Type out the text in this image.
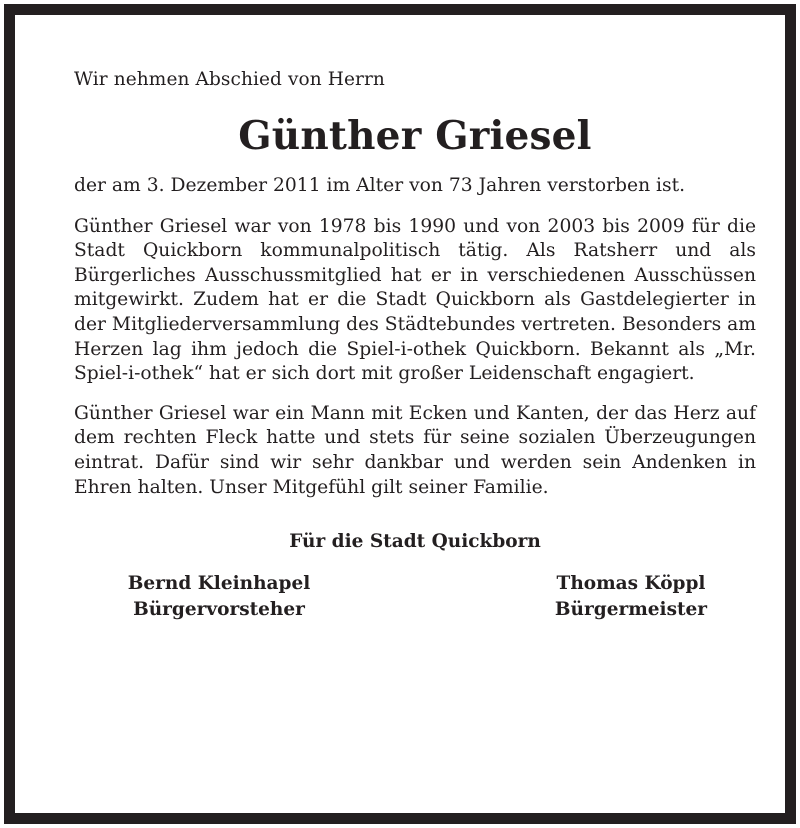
Wir nehmen Abschied von Herrn

Günther Griesel

der am 3. Dezember 2011 im Alter von 73 Jahren verstorben ist.

Günther Griesel war von 1978 bis 1990 und von 2003 bis 2009 für die Stadt Quickborn kommunalpolitisch tätig. Als Ratsherr und als Bürgerliches Ausschussmitglied hat er in verschiedenen Ausschüssen mitgewirkt. Zudem hat er die Stadt Quickborn als Gastdelegierter in der Mitgliederversammlung des Städtebundes vertreten. Besonders am Herzen lag ihm jedoch die Spiel-i-othek Quickborn. Bekannt als „Mr. Spiel-i-othek“ hat er sich dort mit großer Leidenschaft engagiert.

Günther Griesel war ein Mann mit Ecken und Kanten, der das Herz auf dem rechten Fleck hatte und stets für seine sozialen Überzeugungen eintrat. Dafür sind wir sehr dankbar und werden sein Andenken in Ehren halten. Unser Mitgefühl gilt seiner Familie.

Für die Stadt Quickborn

Bernd Kleinhapel
Bürgervorsteher
Thomas Köppl
Bürgermeister
